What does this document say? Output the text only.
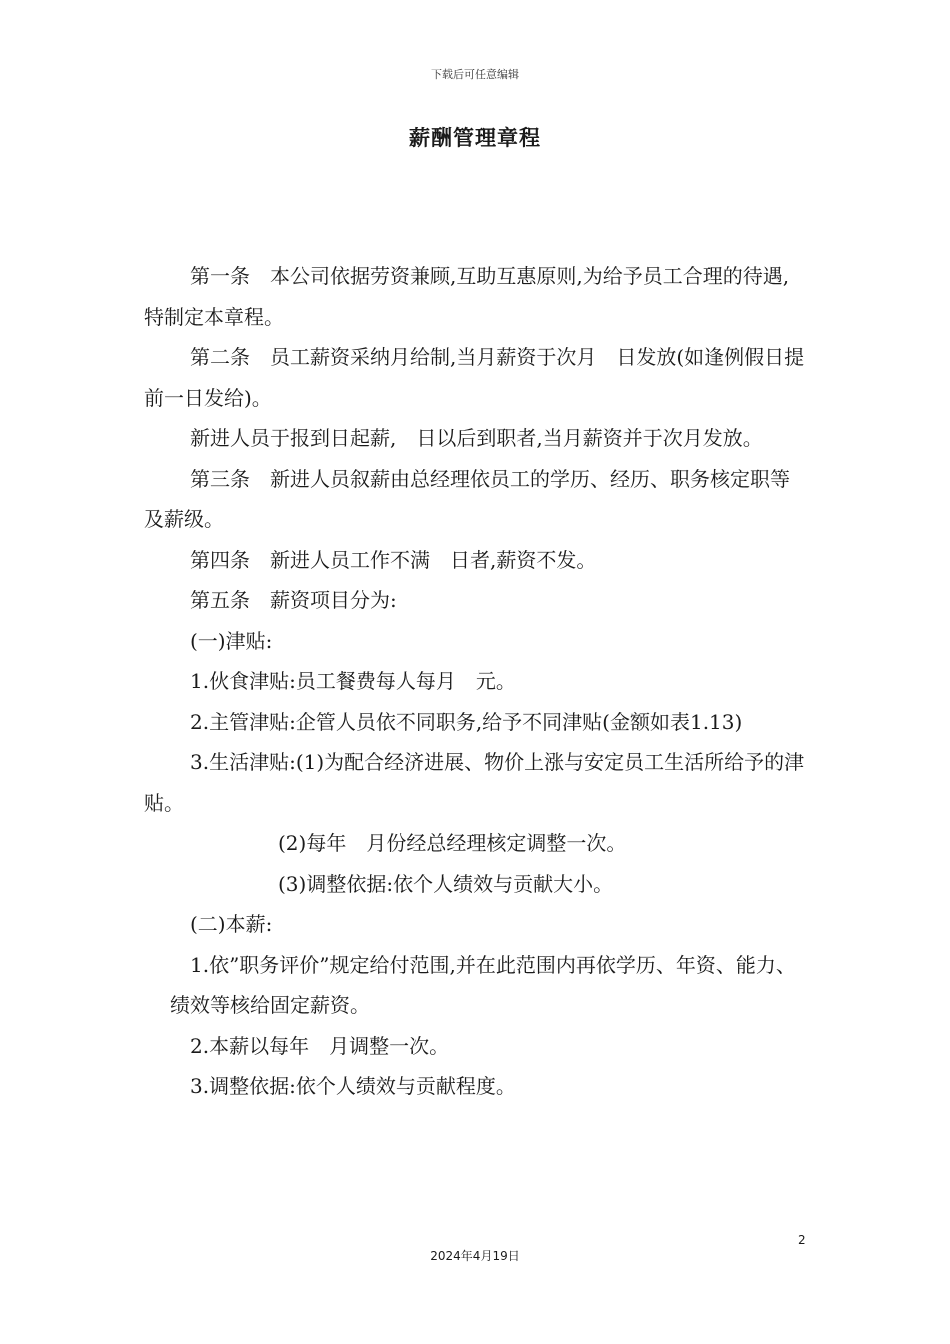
下载后可任意编辑
薪酬管理章程

第一条　本公司依据劳资兼顾,互助互惠原则,为给予员工合理的待遇,特制定本章程。

第二条　员工薪资采纳月给制,当月薪资于次月　日发放(如逢例假日提前一日发给)。

新进人员于报到日起薪,　日以后到职者,当月薪资并于次月发放。

第三条　新进人员叙薪由总经理依员工的学历、经历、职务核定职等及薪级。

第四条　新进人员工作不满　日者,薪资不发。

第五条　薪资项目分为:

(一)津贴:

1.伙食津贴:员工餐费每人每月　元。

2.主管津贴:企管人员依不同职务,给予不同津贴(金额如表1.13)

3.生活津贴:(1)为配合经济进展、物价上涨与安定员工生活所给予的津贴。

(2)每年　月份经总经理核定调整一次。

(3)调整依据:依个人绩效与贡献大小。

(二)本薪:

1.依”职务评价”规定给付范围,并在此范围内再依学历、年资、能力、绩效等核给固定薪资。

2.本薪以每年　月调整一次。

3.调整依据:依个人绩效与贡献程度。

2
2024年4月19日
